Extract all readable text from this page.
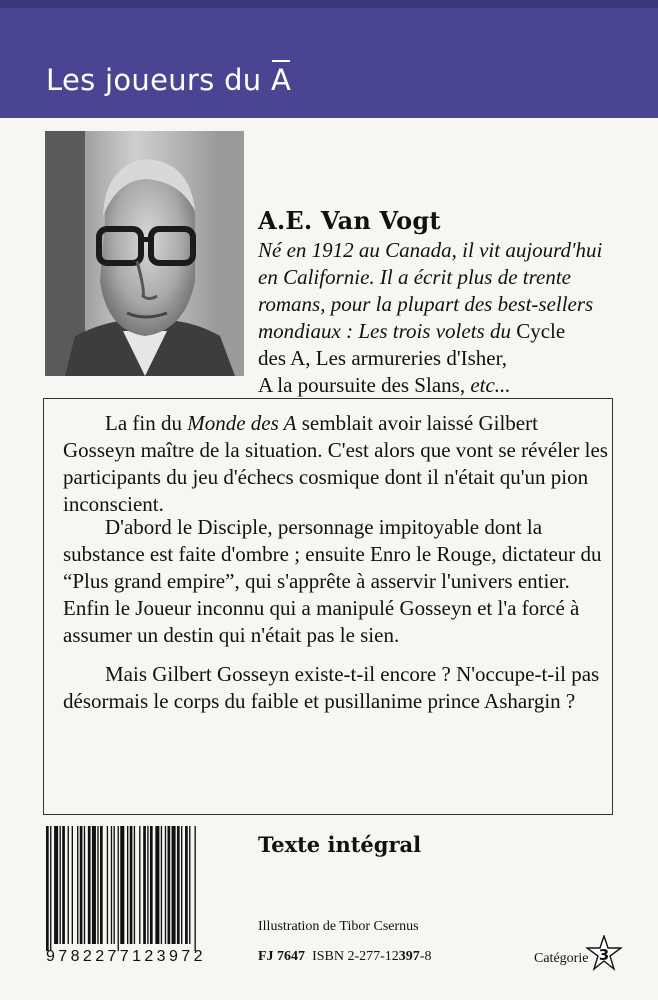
Les joueurs du A
A.E. Van Vogt
Né en 1912 au Canada, il vit aujourd'hui
en Californie. Il a écrit plus de trente
romans, pour la plupart des best-sellers
mondiaux : Les trois volets du Cycle
des A, Les armureries d'Isher,
A la poursuite des Slans, etc...

La fin du Monde des A semblait avoir laissé Gilbert Gosseyn maître de la situation. C'est alors que vont se révéler les participants du jeu d'échecs cosmique dont il n'était qu'un pion inconscient.

D'abord le Disciple, personnage impitoyable dont la substance est faite d'ombre ; ensuite Enro le Rouge, dictateur du “Plus grand empire”, qui s'apprête à asservir l'univers entier. Enfin le Joueur inconnu qui a manipulé Gosseyn et l'a forcé à assumer un destin qui n'était pas le sien.

Mais Gilbert Gosseyn existe-t-il encore ? N'occupe-t-il pas désormais le corps du faible et pusillanime prince Ashargin ?

9782277123972
Texte intégral
Illustration de Tibor Csernus
FJ 7647 ISBN 2-277-12397-8	Catégorie 3
